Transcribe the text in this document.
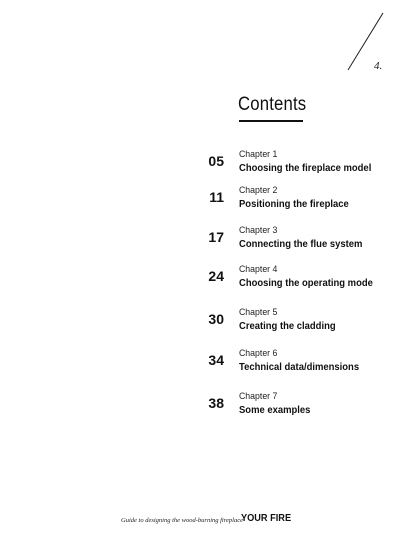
4.
Contents
05 Chapter 1
Choosing the fireplace model
11 Chapter 2
Positioning the fireplace
17 Chapter 3
Connecting the flue system
24 Chapter 4
Choosing the operating mode
30 Chapter 5
Creating the cladding
34 Chapter 6
Technical data/dimensions
38 Chapter 7
Some examples
Guide to designing the wood-burning fireplace
YOUR FIRE
